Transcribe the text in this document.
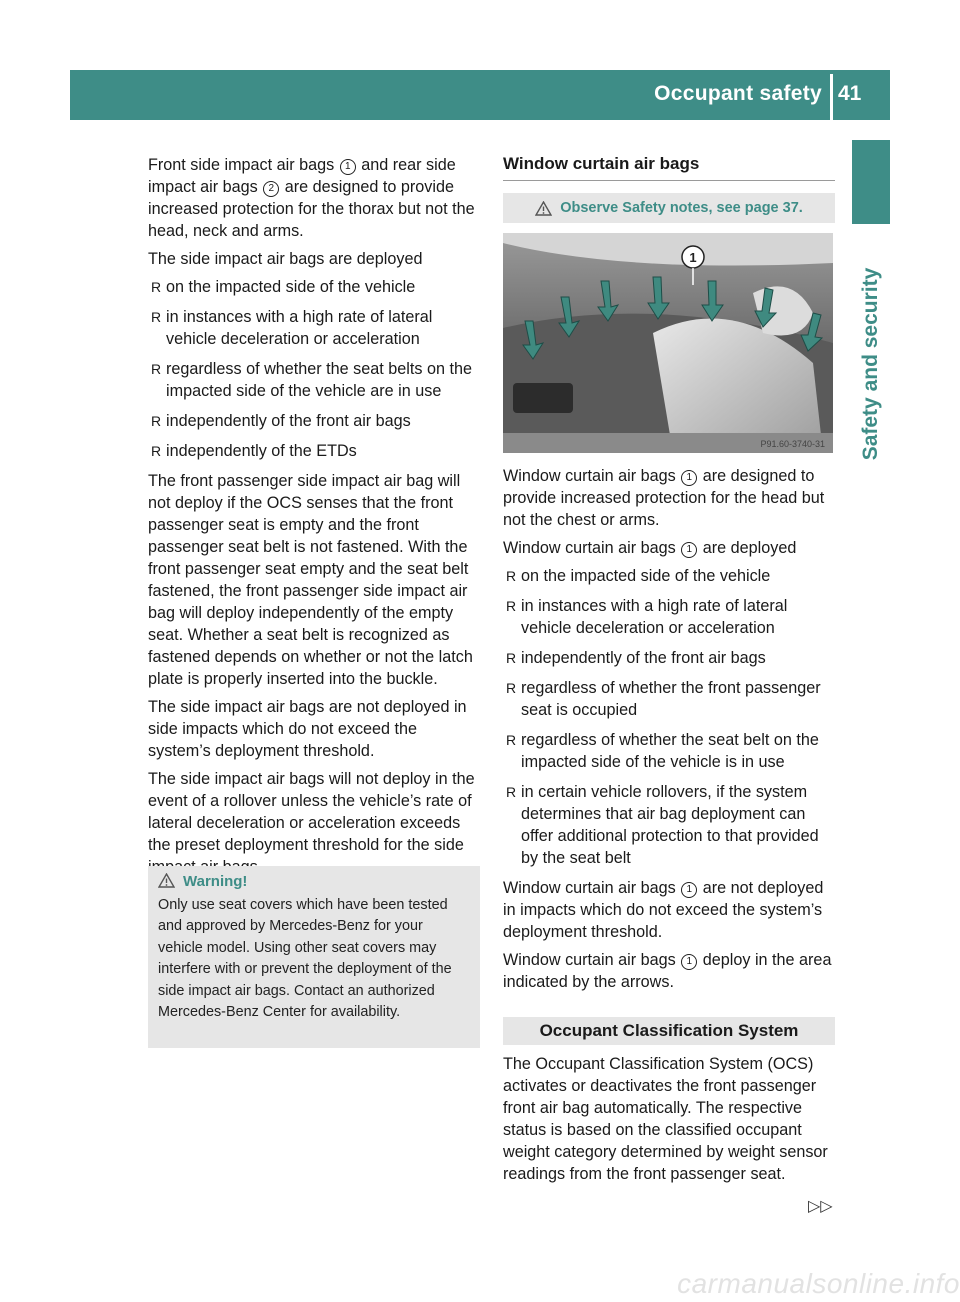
Occupant safety 41
Safety and security

Front side impact air bags 1 and rear side impact air bags 2 are designed to provide increased protection for the thorax but not the head, neck and arms.

The side impact air bags are deployed

R on the impacted side of the vehicle
R in instances with a high rate of lateral vehicle deceleration or acceleration
R regardless of whether the seat belts on the impacted side of the vehicle are in use
R independently of the front air bags
R independently of the ETDs

The front passenger side impact air bag will not deploy if the OCS senses that the front passenger seat is empty and the front passenger seat belt is not fastened. With the front passenger seat empty and the seat belt fastened, the front passenger side impact air bag will deploy independently of the empty seat. Whether a seat belt is recognized as fastened depends on whether or not the latch plate is properly inserted into the buckle.

The side impact air bags are not deployed in side impacts which do not exceed the system’s deployment threshold.

The side impact air bags will not deploy in the event of a rollover unless the vehicle’s rate of lateral deceleration or acceleration exceeds the preset deployment threshold for the side

Warning!
Only use seat covers which have been tested and approved by Mercedes-Benz for your vehicle model. Using other seat covers may interfere with or prevent the deployment of the side impact air bags. Contact an authorized Mercedes-Benz Center for availability.
Window curtain air bags
Observe Safety notes, see page 37.
1
P91.60-3740-31

Window curtain air bags 1 are designed to provide increased protection for the head but not the chest or arms.

Window curtain air bags 1 are deployed

R on the impacted side of the vehicle
R in instances with a high rate of lateral vehicle deceleration or acceleration
R independently of the front air bags
R regardless of whether the front passenger seat is occupied
R regardless of whether the seat belt on the impacted side of the vehicle is in use
R in certain vehicle rollovers, if the system determines that air bag deployment can offer additional protection to that provided by the seat belt

Window curtain air bags 1 are not deployed in impacts which do not exceed the system’s deployment threshold.

Window curtain air bags 1 deploy in the area indicated by the arrows.

Occupant Classification System

The Occupant Classification System (OCS) activates or deactivates the front passenger front air bag automatically. The respective status is based on the classified occupant weight category determined by weight sensor readings from the front passenger seat.

▷▷
carmanualsonline.info
